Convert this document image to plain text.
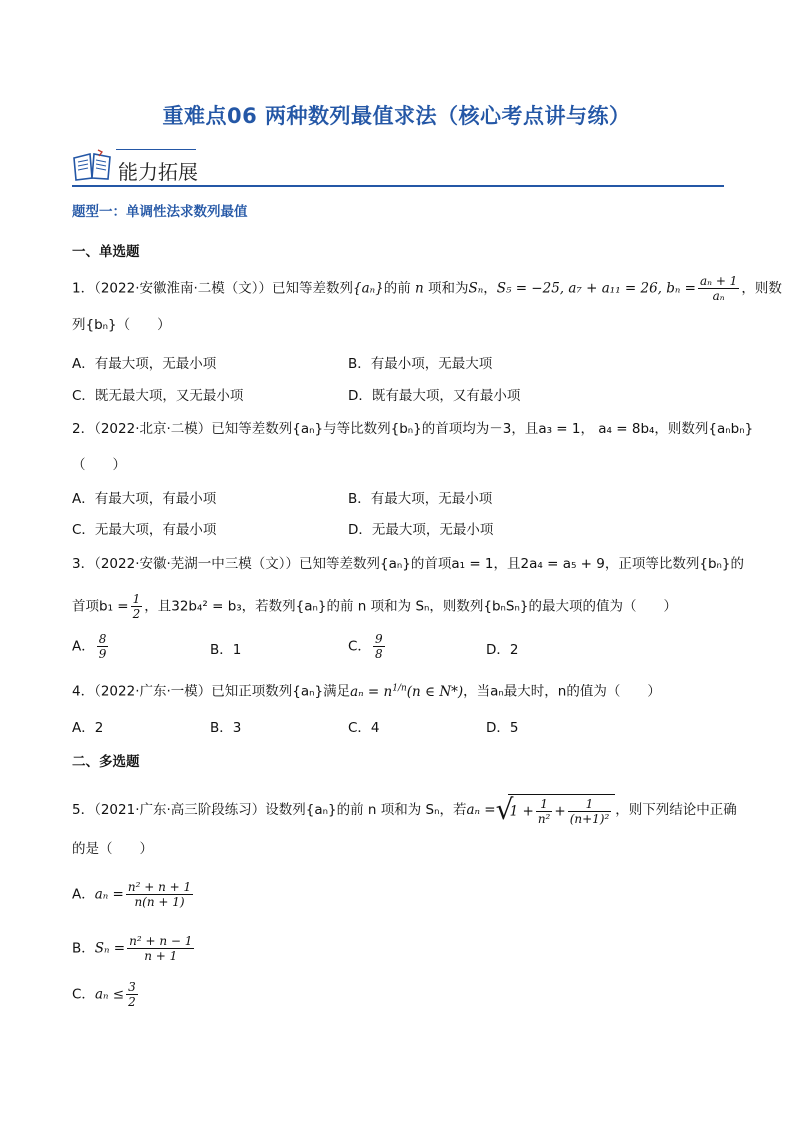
重难点06 两种数列最值求法（核心考点讲与练）
能力拓展
题型一：单调性法求数列最值
一、单选题
1．（2022·安徽淮南·二模（文））已知等差数列{aₙ}的前 n 项和为Sₙ，S₅ = −25, a₇ + a₁₁ = 26, $b_n = \frac{\text{aₙ + 1}}{\text{aₙ}}$ ，则数
列{bₙ}（　　）
A．有最大项，无最小项	B．有最小项，无最大项
C．既无最大项，又无最小项	D．既有最大项，又有最小项
2．（2022·北京·二模）已知等差数列{aₙ}与等比数列{bₙ}的首项均为－3，且a₃ = 1， a₄ = 8b₄，则数列{aₙbₙ}
（　　）
A．有最大项，有最小项	B．有最大项，无最小项
C．无最大项，有最小项	D．无最大项，无最小项
3．（2022·安徽·芜湖一中三模（文））已知等差数列{aₙ}的首项a₁ = 1，且2a₄ = a₅ + 9，正项等比数列{bₙ}的
首项$b_1 = \frac{1}{2}$ ，且32b₄² = b₃，若数列{aₙ}的前 n 项和为 Sₙ，则数列{bₙSₙ}的最大项的值为（　　）
A． $\frac{8}{9}$	B．1	C． $\frac{9}{8}$	D．2
4．（2022·广东·一模）已知正项数列{aₙ}满足$a_n = n^{1/n}(n$ ∈ N*)，当aₙ最大时，n的值为（　　）
A．2	B．3	C．4	D．5
二、多选题
5．（2021·广东·高三阶段练习）设数列{aₙ}的前 n 项和为 Sₙ，若aₙ = √
$1 + \frac{1}{\text{n²}} + \frac{1}{\text{(n+1)²}}$ ，则下列结论中正确
的是（　　）
A．$a_n = \frac{\text{n² + n + 1}}{n(n + 1)}$
B．$S_n = \frac{\text{n² + n − 1}}{n + 1}$
C．$a_n \le \frac{3}{2}$
